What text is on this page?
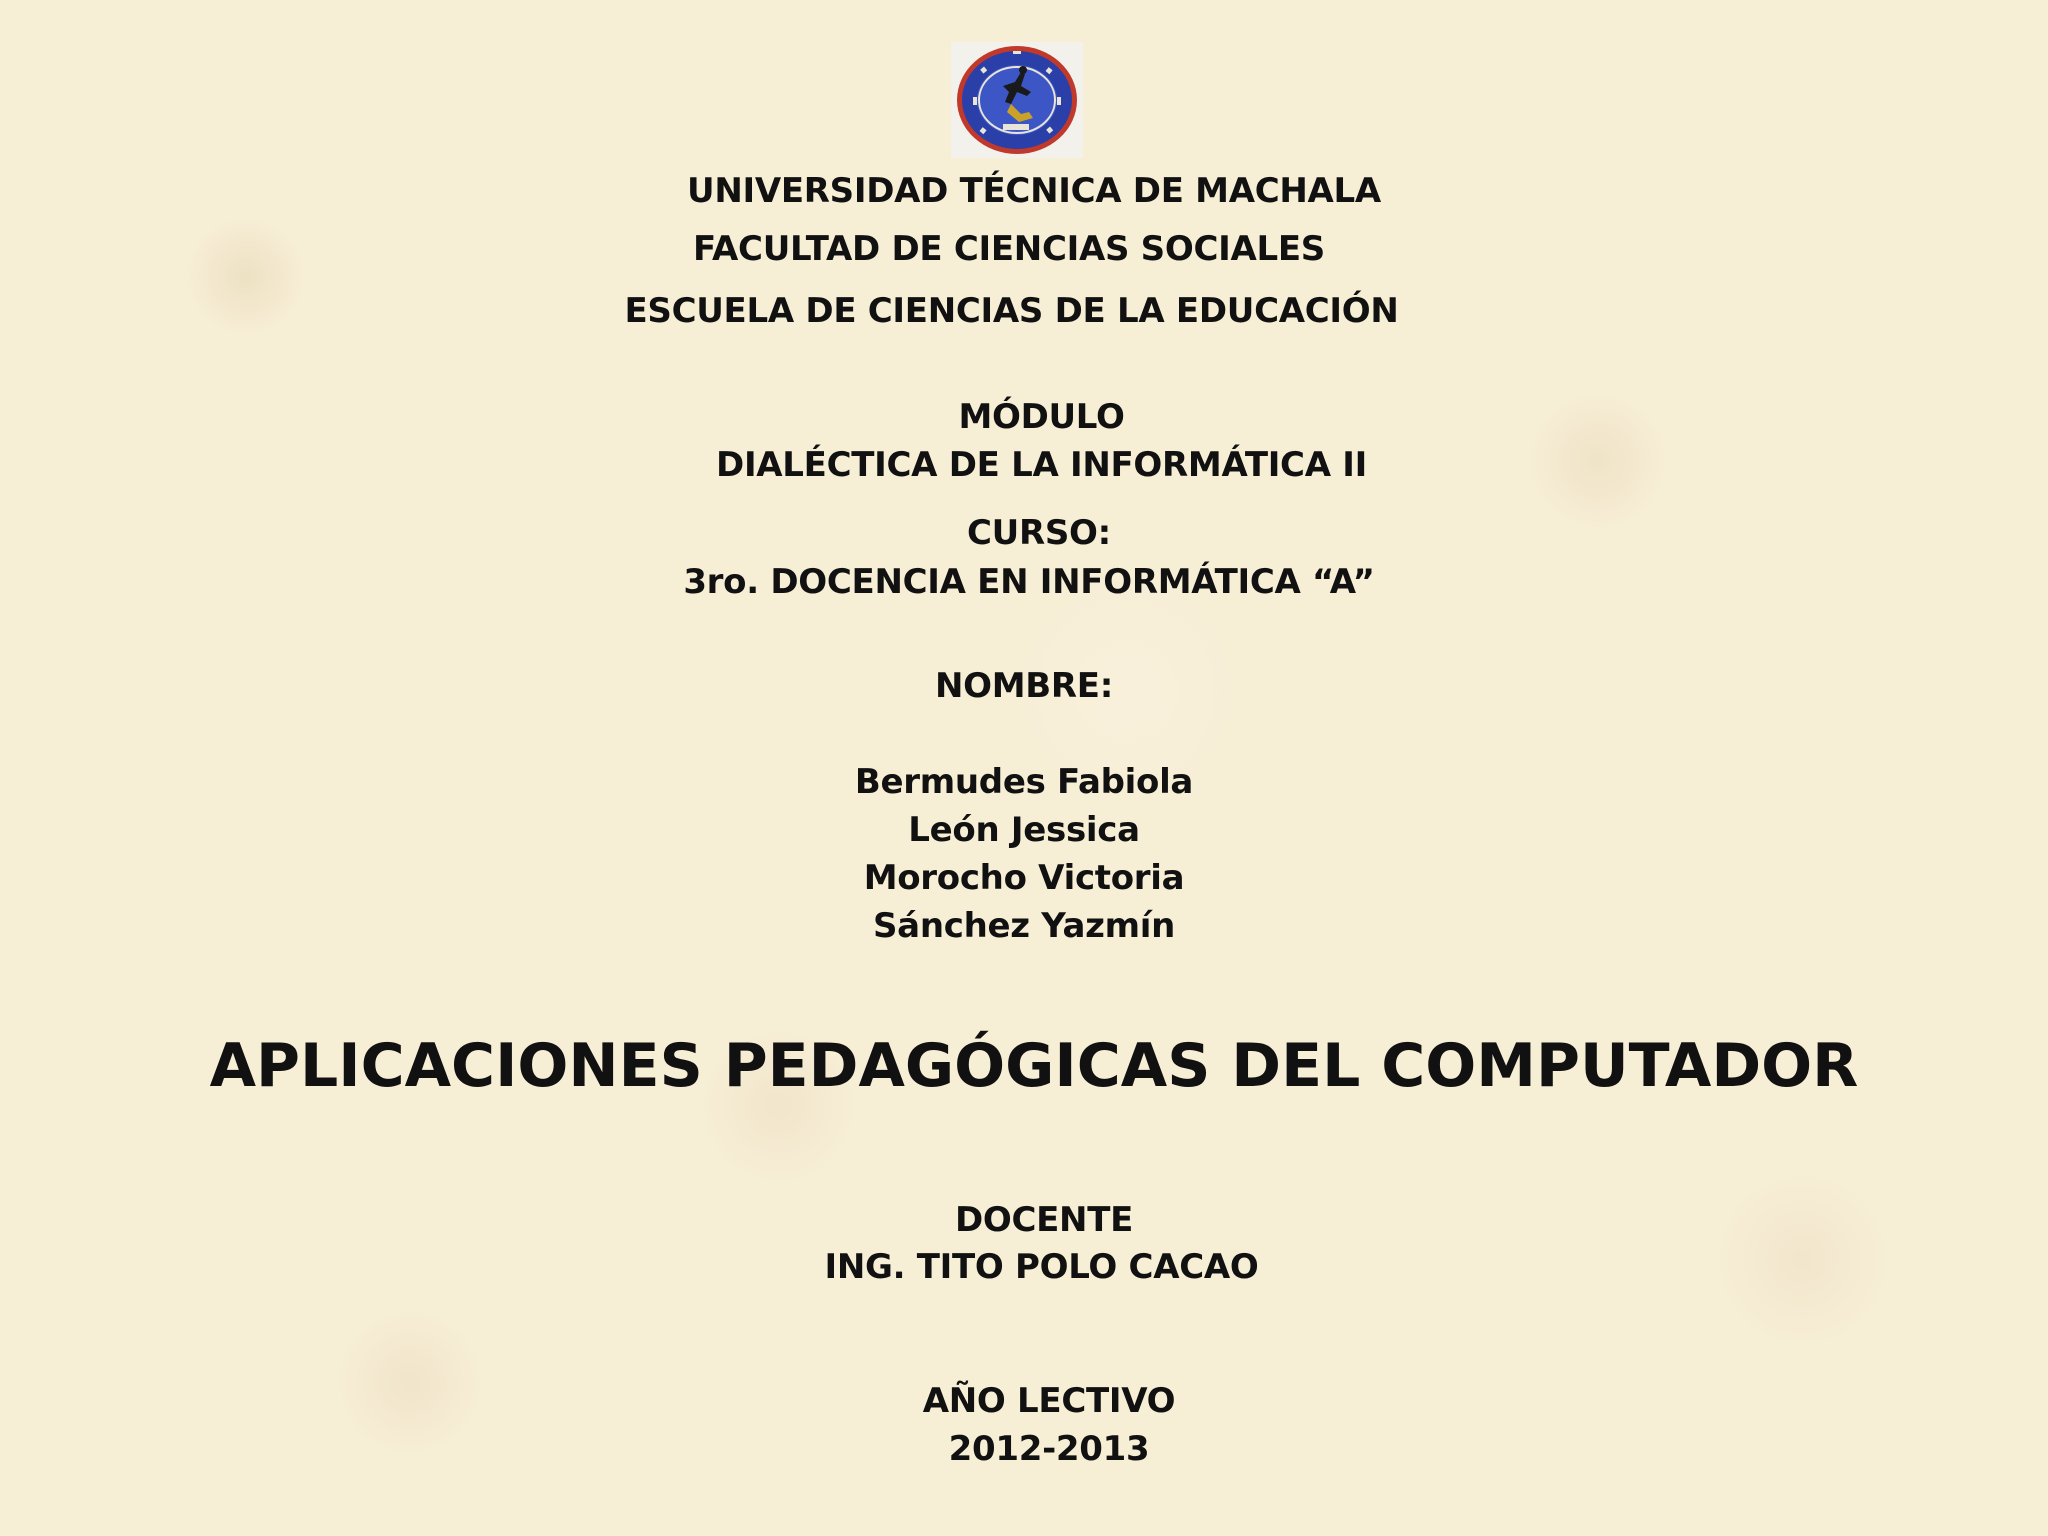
UNIVERSIDAD TÉCNICA DE MACHALA
FACULTAD DE CIENCIAS SOCIALES
ESCUELA DE CIENCIAS DE LA EDUCACIÓN
MÓDULO
DIALÉCTICA DE LA INFORMÁTICA II
CURSO:
3ro. DOCENCIA EN INFORMÁTICA “A”
NOMBRE:
Bermudes Fabiola
León Jessica
Morocho Victoria
Sánchez Yazmín
APLICACIONES PEDAGÓGICAS DEL COMPUTADOR
DOCENTE
ING. TITO POLO CACAO
AÑO LECTIVO
2012-2013
